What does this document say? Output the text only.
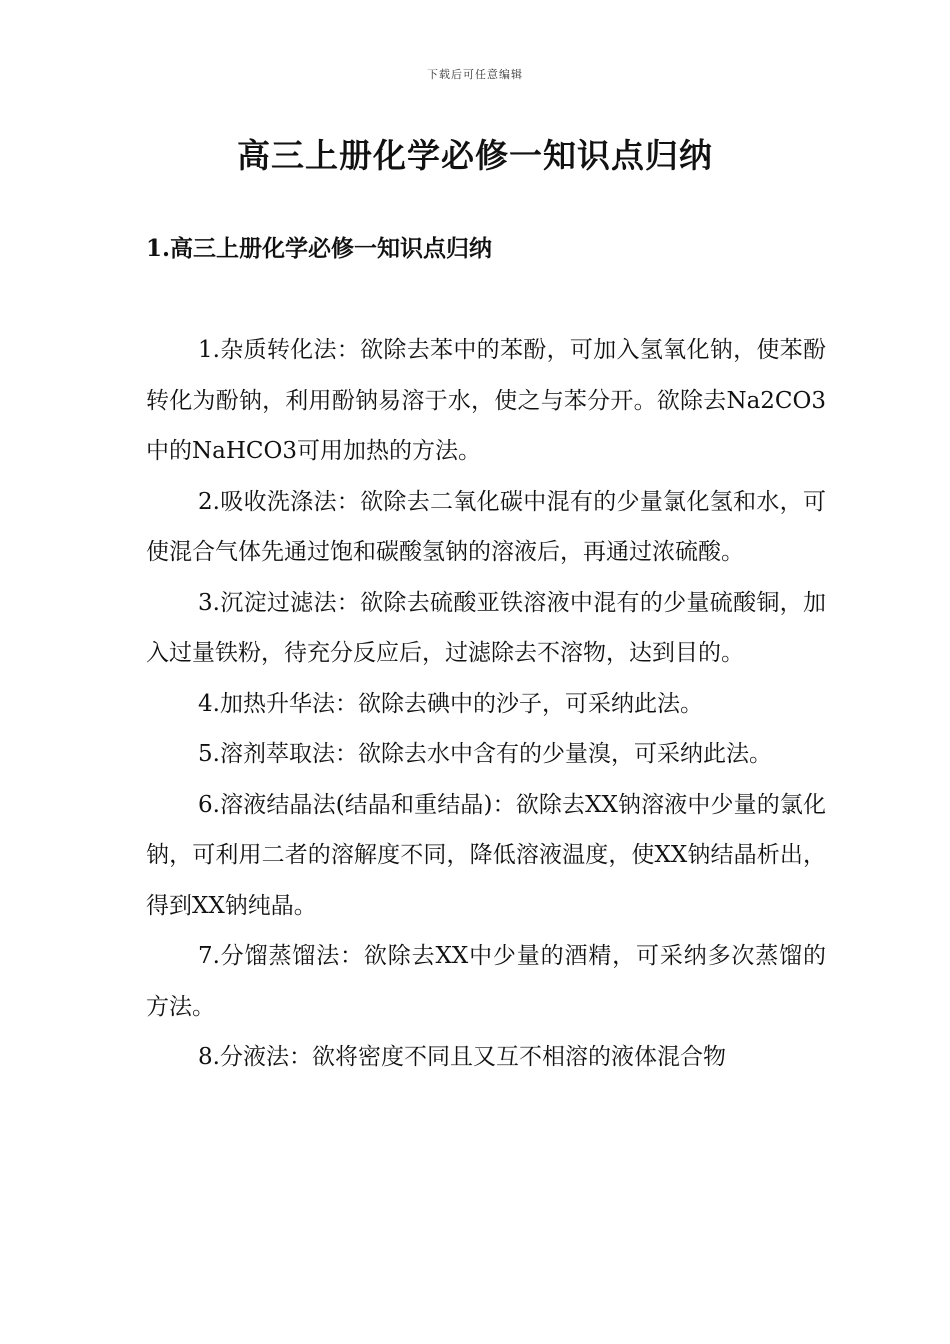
下载后可任意编辑
高三上册化学必修一知识点归纳
1.高三上册化学必修一知识点归纳

1.杂质转化法：欲除去苯中的苯酚，可加入氢氧化钠，使苯酚转化为酚钠，利用酚钠易溶于水，使之与苯分开。欲除去Na2CO3中的NaHCO3可用加热的方法。

2.吸收洗涤法：欲除去二氧化碳中混有的少量氯化氢和水，可使混合气体先通过饱和碳酸氢钠的溶液后，再通过浓硫酸。

3.沉淀过滤法：欲除去硫酸亚铁溶液中混有的少量硫酸铜，加入过量铁粉，待充分反应后，过滤除去不溶物，达到目的。

4.加热升华法：欲除去碘中的沙子，可采纳此法。

5.溶剂萃取法：欲除去水中含有的少量溴，可采纳此法。

6.溶液结晶法(结晶和重结晶)：欲除去XX钠溶液中少量的氯化钠，可利用二者的溶解度不同，降低溶液温度，使XX钠结晶析出，得到XX钠纯晶。

7.分馏蒸馏法：欲除去XX中少量的酒精，可采纳多次蒸馏的方法。

8.分液法：欲将密度不同且又互不相溶的液体混合物
